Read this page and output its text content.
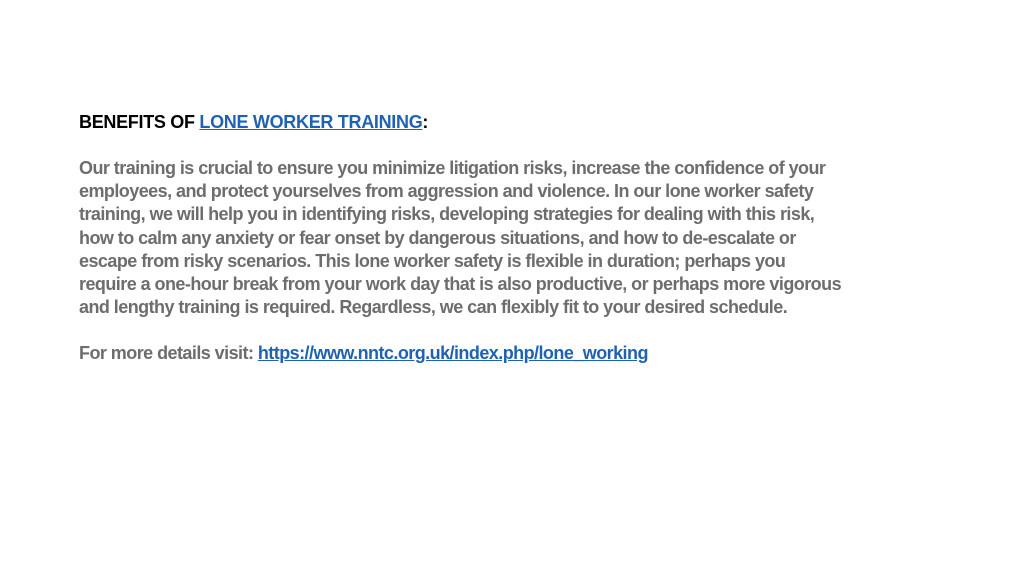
BENEFITS OF LONE WORKER TRAINING:

Our training is crucial to ensure you minimize litigation risks, increase the confidence of your
employees, and protect yourselves from aggression and violence. In our lone worker safety
training, we will help you in identifying risks, developing strategies for dealing with this risk,
how to calm any anxiety or fear onset by dangerous situations, and how to de-escalate or
escape from risky scenarios. This lone worker safety is flexible in duration; perhaps you
require a one-hour break from your work day that is also productive, or perhaps more vigorous
and lengthy training is required. Regardless, we can flexibly fit to your desired schedule.

For more details visit: https://www.nntc.org.uk/index.php/lone_working
